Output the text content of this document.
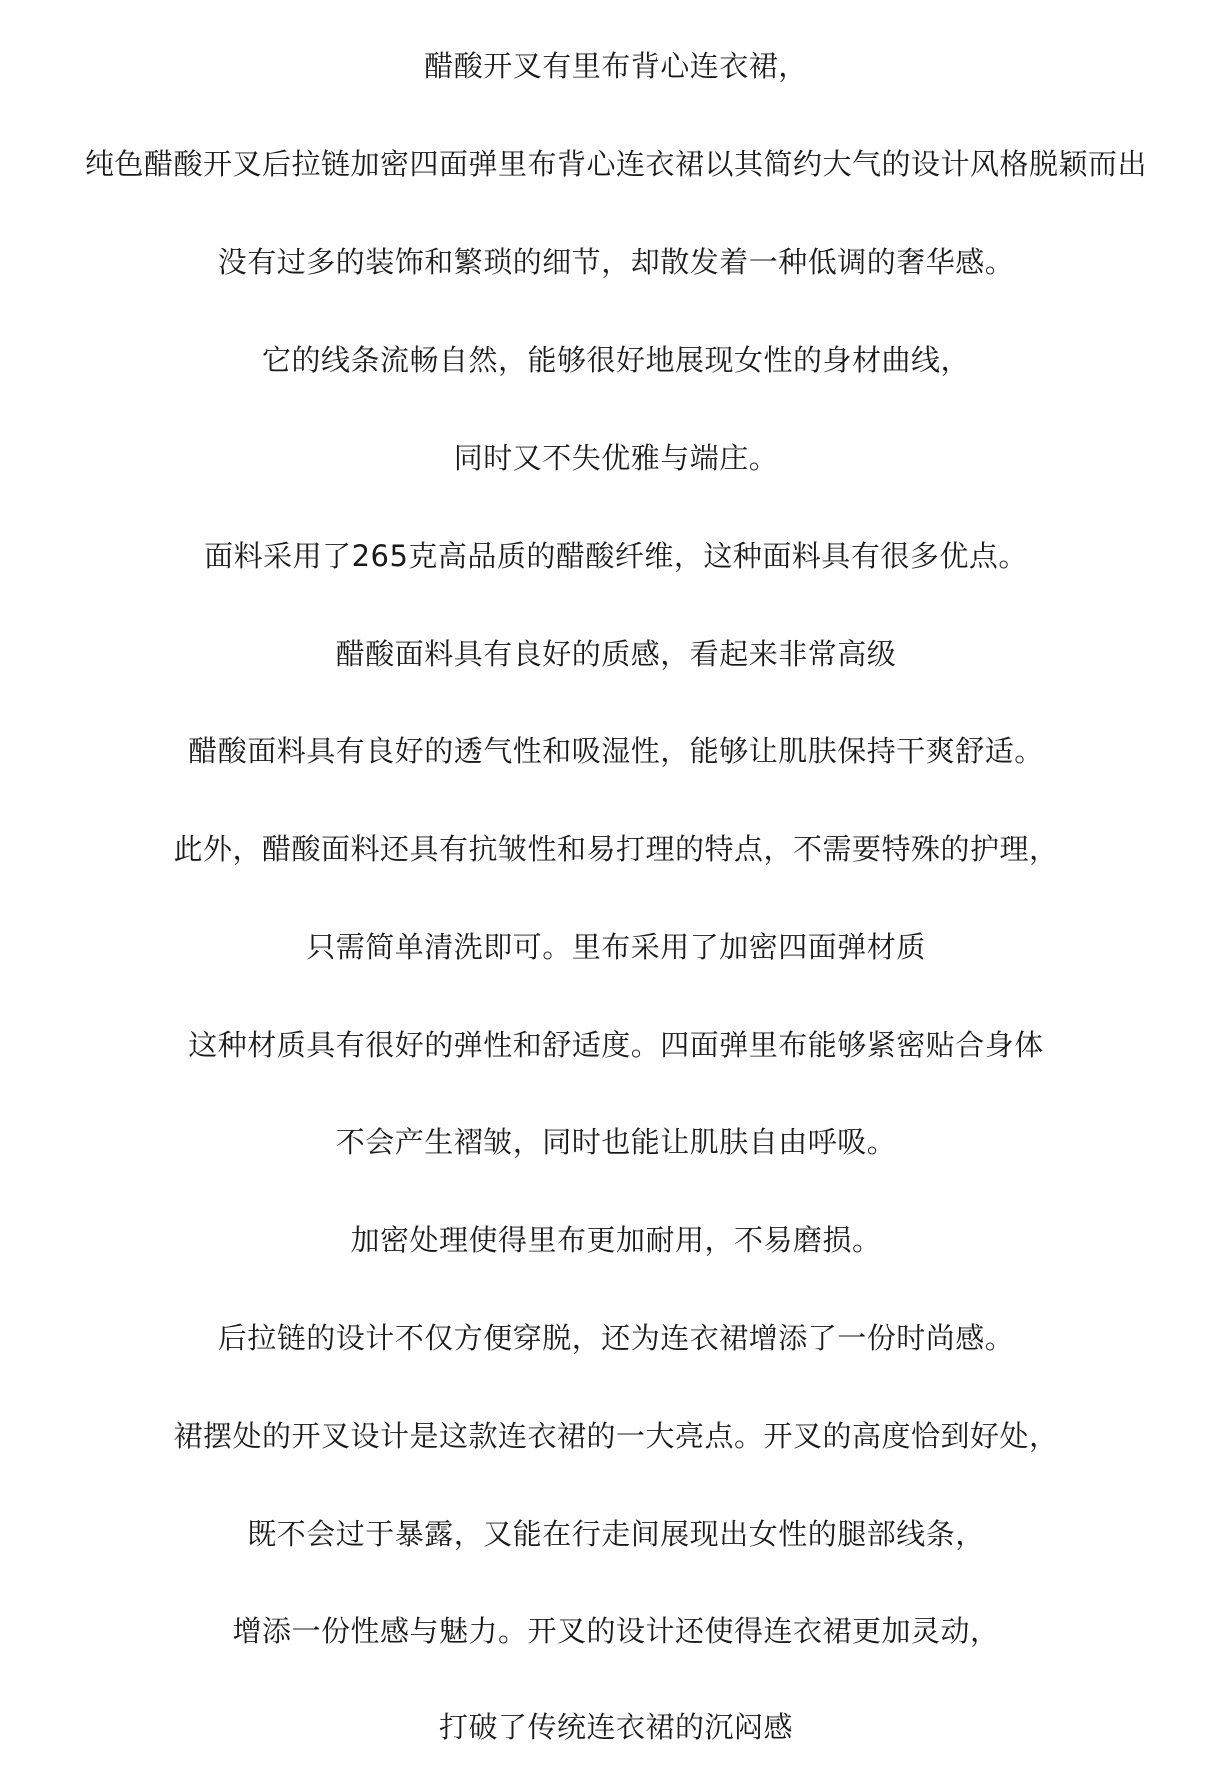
醋酸开叉有里布背心连衣裙，
纯色醋酸开叉后拉链加密四面弹里布背心连衣裙以其简约大气的设计风格脱颖而出
没有过多的装饰和繁琐的细节，却散发着一种低调的奢华感。
它的线条流畅自然，能够很好地展现女性的身材曲线，
同时又不失优雅与端庄。
面料采用了265克高品质的醋酸纤维，这种面料具有很多优点。
醋酸面料具有良好的质感，看起来非常高级
醋酸面料具有良好的透气性和吸湿性，能够让肌肤保持干爽舒适。
此外，醋酸面料还具有抗皱性和易打理的特点，不需要特殊的护理，
只需简单清洗即可。里布采用了加密四面弹材质
这种材质具有很好的弹性和舒适度。四面弹里布能够紧密贴合身体
不会产生褶皱，同时也能让肌肤自由呼吸。
加密处理使得里布更加耐用，不易磨损。
后拉链的设计不仅方便穿脱，还为连衣裙增添了一份时尚感。
裙摆处的开叉设计是这款连衣裙的一大亮点。开叉的高度恰到好处，
既不会过于暴露，又能在行走间展现出女性的腿部线条，
增添一份性感与魅力。开叉的设计还使得连衣裙更加灵动，
打破了传统连衣裙的沉闷感
